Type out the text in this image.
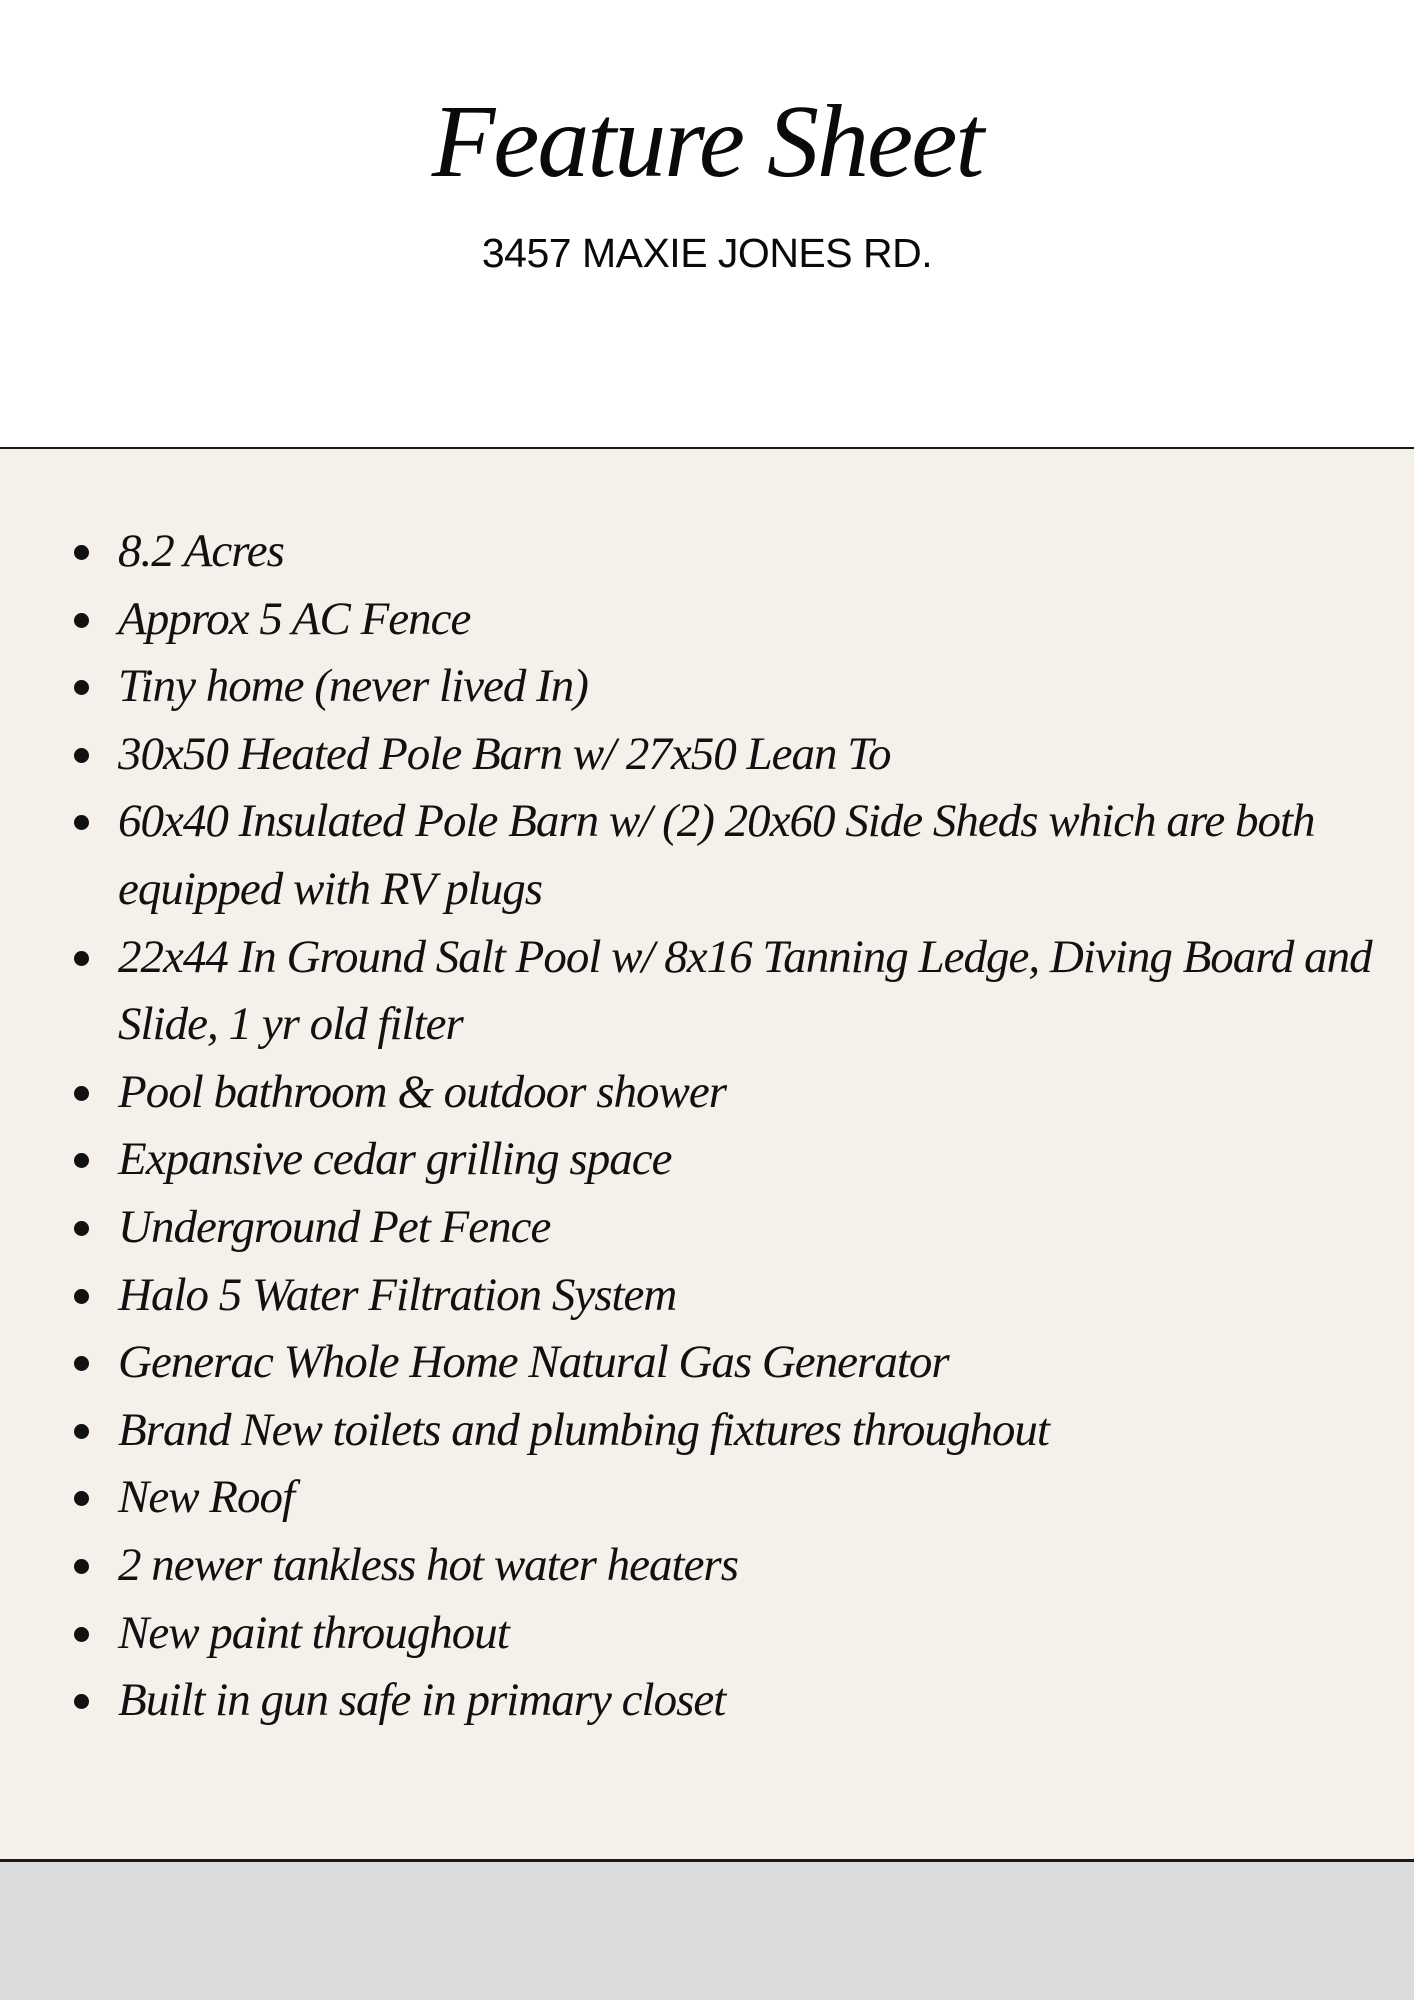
Feature Sheet
3457 MAXIE JONES RD.
8.2 Acres
Approx 5 AC Fence
Tiny home (never lived In)
30x50 Heated Pole Barn w/ 27x50 Lean To
60x40 Insulated Pole Barn w/ (2) 20x60 Side Sheds which are both equipped with RV plugs
22x44 In Ground Salt Pool w/ 8x16 Tanning Ledge, Diving Board and Slide, 1 yr old filter
Pool bathroom & outdoor shower
Expansive cedar grilling space
Underground Pet Fence
Halo 5 Water Filtration System
Generac Whole Home Natural Gas Generator
Brand New toilets and plumbing fixtures throughout
New Roof
2 newer tankless hot water heaters
New paint throughout
Built in gun safe in primary closet
